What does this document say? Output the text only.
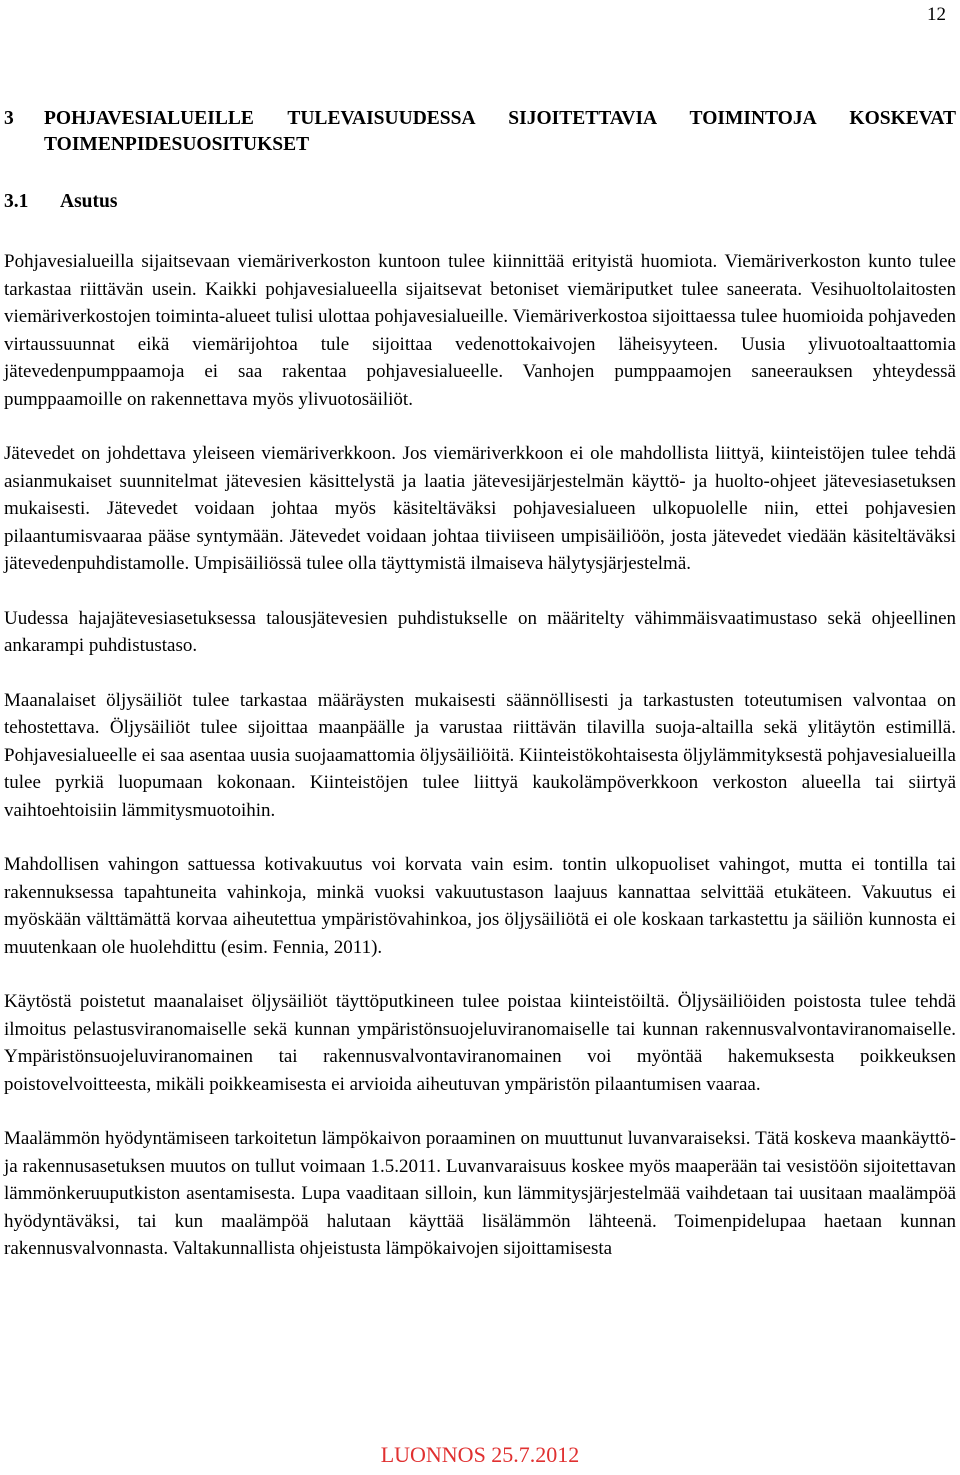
12
3	POHJAVESIALUEILLE TULEVAISUUDESSA SIJOITETTAVIA TOIMINTOJA KOSKEVAT TOIMENPIDESUOSITUKSET
3.1 Asutus

Pohjavesialueilla sijaitsevaan viemäriverkoston kuntoon tulee kiinnittää erityistä huomiota. Viemäriverkoston kunto tulee tarkastaa riittävän usein. Kaikki pohjavesialueella sijaitsevat betoniset viemäriputket tulee saneerata. Vesihuoltolaitosten viemäriverkostojen toiminta-alueet tulisi ulottaa pohjavesialueille. Viemäriverkostoa sijoittaessa tulee huomioida pohjaveden virtaussuunnat eikä viemärijohtoa tule sijoittaa vedenottokaivojen läheisyyteen. Uusia ylivuotoaltaattomia jätevedenpumppaamoja ei saa rakentaa pohjavesialueelle. Vanhojen pumppaamojen saneerauksen yhteydessä pumppaamoille on rakennettava myös ylivuotosäiliöt.

Jätevedet on johdettava yleiseen viemäriverkkoon. Jos viemäriverkkoon ei ole mahdollista liittyä, kiinteistöjen tulee tehdä asianmukaiset suunnitelmat jätevesien käsittelystä ja laatia jätevesijärjestelmän käyttö- ja huolto-ohjeet jätevesiasetuksen mukaisesti. Jätevedet voidaan johtaa myös käsiteltäväksi pohjavesialueen ulkopuolelle niin, ettei pohjavesien pilaantumisvaaraa pääse syntymään. Jätevedet voidaan johtaa tiiviiseen umpisäiliöön, josta jätevedet viedään käsiteltäväksi jätevedenpuhdistamolle. Umpisäiliössä tulee olla täyttymistä ilmaiseva hälytysjärjestelmä.

Uudessa hajajätevesiasetuksessa talousjätevesien puhdistukselle on määritelty vähimmäisvaatimustaso sekä ohjeellinen ankarampi puhdistustaso.

Maanalaiset öljysäiliöt tulee tarkastaa määräysten mukaisesti säännöllisesti ja tarkastusten toteutumisen valvontaa on tehostettava. Öljysäiliöt tulee sijoittaa maanpäälle ja varustaa riittävän tilavilla suoja-altailla sekä ylitäytön estimillä. Pohjavesialueelle ei saa asentaa uusia suojaamattomia öljysäiliöitä. Kiinteistökohtaisesta öljylämmityksestä pohjavesialueilla tulee pyrkiä luopumaan kokonaan. Kiinteistöjen tulee liittyä kaukolämpöverkkoon verkoston alueella tai siirtyä vaihtoehtoisiin lämmitysmuotoihin.

Mahdollisen vahingon sattuessa kotivakuutus voi korvata vain esim. tontin ulkopuoliset vahingot, mutta ei tontilla tai rakennuksessa tapahtuneita vahinkoja, minkä vuoksi vakuutustason laajuus kannattaa selvittää etukäteen. Vakuutus ei myöskään välttämättä korvaa aiheutettua ympäristövahinkoa, jos öljysäiliötä ei ole koskaan tarkastettu ja säiliön kunnosta ei muutenkaan ole huolehdittu (esim. Fennia, 2011).

Käytöstä poistetut maanalaiset öljysäiliöt täyttöputkineen tulee poistaa kiinteistöiltä. Öljysäiliöiden poistosta tulee tehdä ilmoitus pelastusviranomaiselle sekä kunnan ympäristönsuojeluviranomaiselle tai kunnan rakennusvalvontaviranomaiselle. Ympäristönsuojeluviranomainen tai rakennusvalvontaviranomainen voi myöntää hakemuksesta poikkeuksen poistovelvoitteesta, mikäli poikkeamisesta ei arvioida aiheutuvan ympäristön pilaantumisen vaaraa.

Maalämmön hyödyntämiseen tarkoitetun lämpökaivon poraaminen on muuttunut luvanvaraiseksi. Tätä koskeva maankäyttö- ja rakennusasetuksen muutos on tullut voimaan 1.5.2011. Luvanvaraisuus koskee myös maaperään tai vesistöön sijoitettavan lämmönkeruuputkiston asentamisesta. Lupa vaaditaan silloin, kun lämmitysjärjestelmää vaihdetaan tai uusitaan maalämpöä hyödyntäväksi, tai kun maalämpöä halutaan käyttää lisälämmön lähteenä. Toimenpidelupaa haetaan kunnan rakennusvalvonnasta. Valtakunnallista ohjeistusta lämpökaivojen sijoittamisesta

LUONNOS 25.7.2012
